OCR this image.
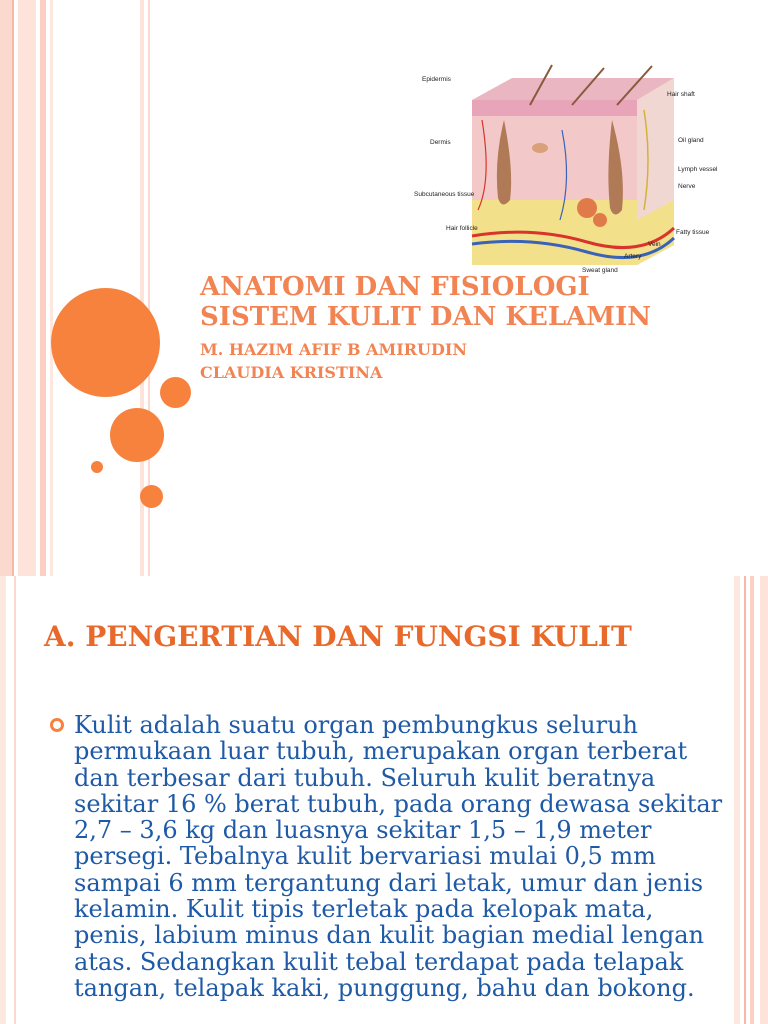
Epidermis
Dermis
Subcutaneous tissue
Hair follicle
Hair shaft
Oil gland
Lymph vessel
Nerve
Fatty tissue
Vein
Artery
Sweat gland

ANATOMI DAN FISIOLOGI
SISTEM KULIT DAN KELAMIN

M. HAZIM AFIF B AMIRUDIN

CLAUDIA KRISTINA

A. PENGERTIAN DAN FUNGSI KULIT

Kulit adalah suatu organ pembungkus seluruh permukaan luar tubuh, merupakan organ terberat dan terbesar dari tubuh. Seluruh kulit beratnya sekitar 16 % berat tubuh, pada orang dewasa sekitar 2,7 – 3,6 kg dan luasnya sekitar 1,5 – 1,9 meter persegi. Tebalnya kulit bervariasi mulai 0,5 mm sampai 6 mm tergantung dari letak, umur dan jenis kelamin. Kulit tipis terletak pada kelopak mata, penis, labium minus dan kulit bagian medial lengan atas. Sedangkan kulit tebal terdapat pada telapak tangan, telapak kaki, punggung, bahu dan bokong.
